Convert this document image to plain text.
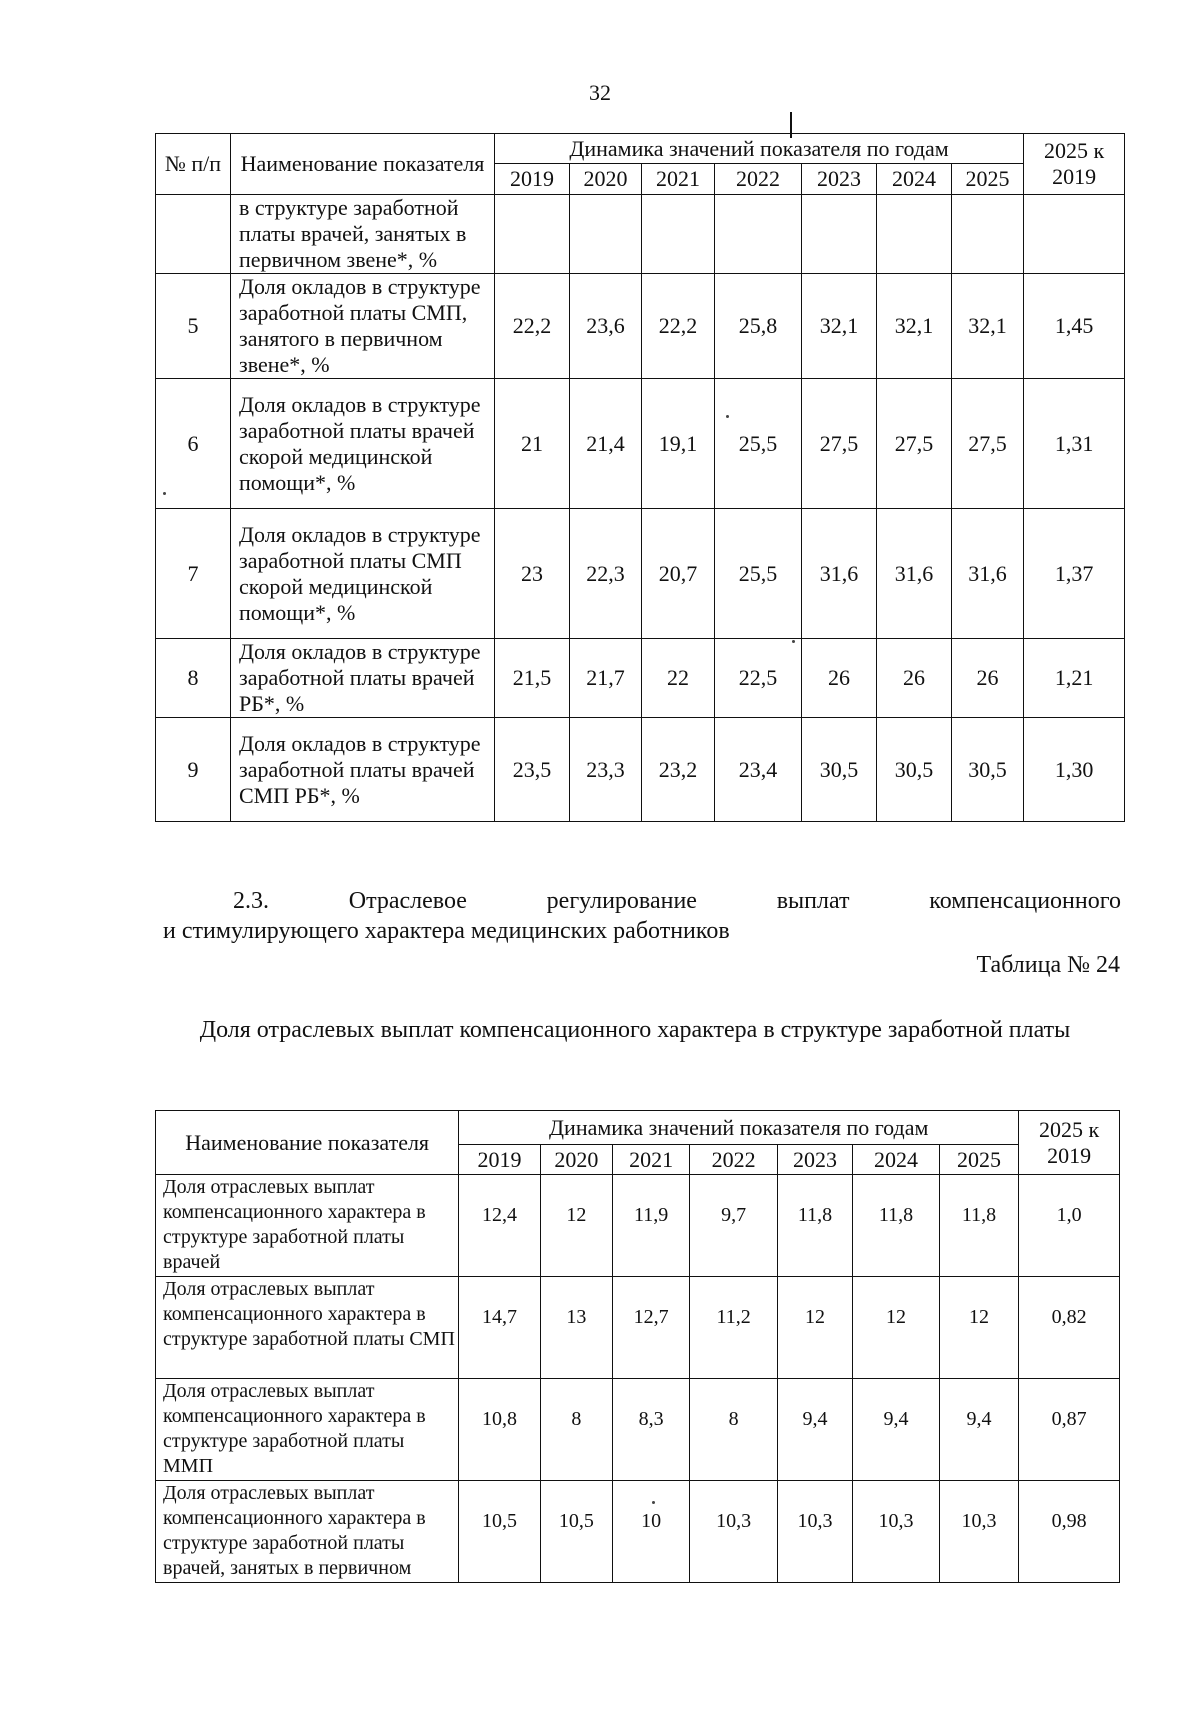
32
№ п/п	Наименование показателя	Динамика значений показателя по годам							2025 к 2019
		2019	2020	2021	2022	2023	2024	2025	
	в структуре заработной платы врачей, занятых в первичном звене*, %								
5	Доля окладов в структуре заработной платы СМП, занятого в первичном звене*, %	22,2	23,6	22,2	25,8	32,1	32,1	32,1	1,45
6	Доля окладов в структуре заработной платы врачей скорой медицинской помощи*, %	21	21,4	19,1	25,5	27,5	27,5	27,5	1,31
7	Доля окладов в структуре заработной платы СМП скорой медицинской помощи*, %	23	22,3	20,7	25,5	31,6	31,6	31,6	1,37
8	Доля окладов в структуре заработной платы врачей РБ*, %	21,5	21,7	22	22,5	26	26	26	1,21
9	Доля окладов в структуре заработной платы врачей СМП РБ*, %	23,5	23,3	23,2	23,4	30,5	30,5	30,5	1,30
2.3.	Отраслевое	регулирование	выплат	компенсационного
и стимулирующего характера медицинских работников
Таблица № 24
Доля отраслевых выплат компенсационного характера в структуре заработной платы
Наименование показателя	Динамика значений показателя по годам							2025 к 2019
	2019	2020	2021	2022	2023	2024	2025	
Доля отраслевых выплат компенсационного характера в структуре заработной платы врачей	12,4	12	11,9	9,7	11,8	11,8	11,8	1,0
Доля отраслевых выплат компенсационного характера в структуре заработной платы СМП	14,7	13	12,7	11,2	12	12	12	0,82
Доля отраслевых выплат компенсационного характера в структуре заработной платы ММП	10,8	8	8,3	8	9,4	9,4	9,4	0,87
Доля отраслевых выплат компенсационного характера в структуре заработной платы врачей, занятых в первичном	10,5	10,5	10	10,3	10,3	10,3	10,3	0,98
